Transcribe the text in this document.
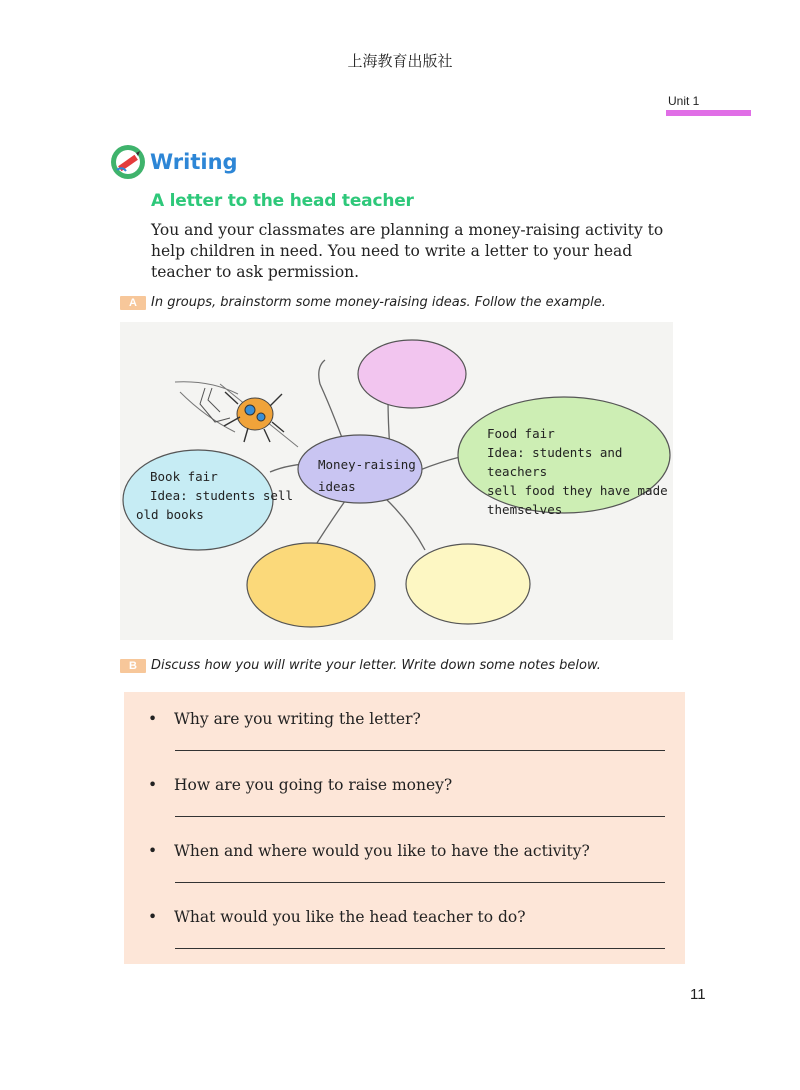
上海教育出版社
Unit 1
Writing
A letter to the head teacher
You and your classmates are planning a money-raising activity to help children in need. You need to write a letter to your head teacher to ask permission.
A	In groups, brainstorm some money-raising ideas. Follow the example.
Money-raising
ideas
Book fair
Idea: students sell
old books
Food fair
Idea: students and teachers
sell food they have made
themselves
B	Discuss how you will write your letter. Write down some notes below.
• Why are you writing the letter?
• How are you going to raise money?
• When and where would you like to have the activity?
• What would you like the head teacher to do?
11
